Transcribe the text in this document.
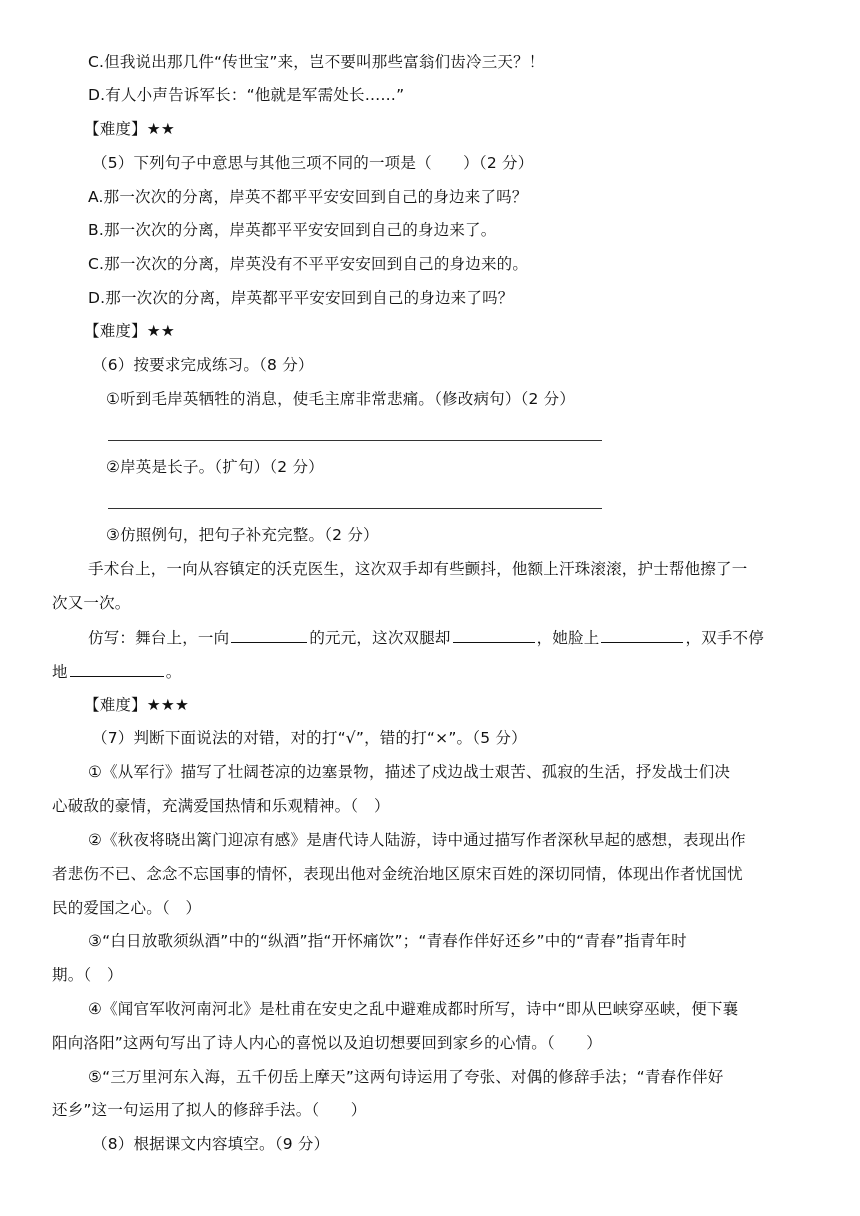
C.但我说出那几件“传世宝”来，岂不要叫那些富翁们齿冷三天？！
D.有人小声告诉军长：“他就是军需处长……”
【难度】★★
（5）下列句子中意思与其他三项不同的一项是（　　）（2 分）
A.那一次次的分离，岸英不都平平安安回到自己的身边来了吗？
B.那一次次的分离，岸英都平平安安回到自己的身边来了。
C.那一次次的分离，岸英没有不平平安安回到自己的身边来的。
D.那一次次的分离，岸英都平平安安回到自己的身边来了吗？
【难度】★★
（6）按要求完成练习。（8 分）
①听到毛岸英牺牲的消息，使毛主席非常悲痛。（修改病句）（2 分）
②岸英是长子。（扩句）（2 分）
③仿照例句，把句子补充完整。（2 分）
手术台上，一向从容镇定的沃克医生，这次双手却有些颤抖，他额上汗珠滚滚，护士帮他擦了一
次又一次。
仿写：舞台上，一向	的元元，这次双腿却	，她脸上	，双手不停
地	。
【难度】★★★
（7）判断下面说法的对错，对的打“√”，错的打“×”。（5 分）
①《从军行》描写了壮阔苍凉的边塞景物，描述了戍边战士艰苦、孤寂的生活，抒发战士们决
心破敌的豪情，充满爱国热情和乐观精神。（　）
②《秋夜将晓出篱门迎凉有感》是唐代诗人陆游，诗中通过描写作者深秋早起的感想，表现出作
者悲伤不已、念念不忘国事的情怀，表现出他对金统治地区原宋百姓的深切同情，体现出作者忧国忧
民的爱国之心。（　）
③“白日放歌须纵酒”中的“纵酒”指“开怀痛饮”；“青春作伴好还乡”中的“青春”指青年时
期。（　）
④《闻官军收河南河北》是杜甫在安史之乱中避难成都时所写，诗中“即从巴峡穿巫峡，便下襄
阳向洛阳”这两句写出了诗人内心的喜悦以及迫切想要回到家乡的心情。（　　）
⑤“三万里河东入海，五千仞岳上摩天”这两句诗运用了夸张、对偶的修辞手法；“青春作伴好
还乡”这一句运用了拟人的修辞手法。（　　）
（8）根据课文内容填空。（9 分）
